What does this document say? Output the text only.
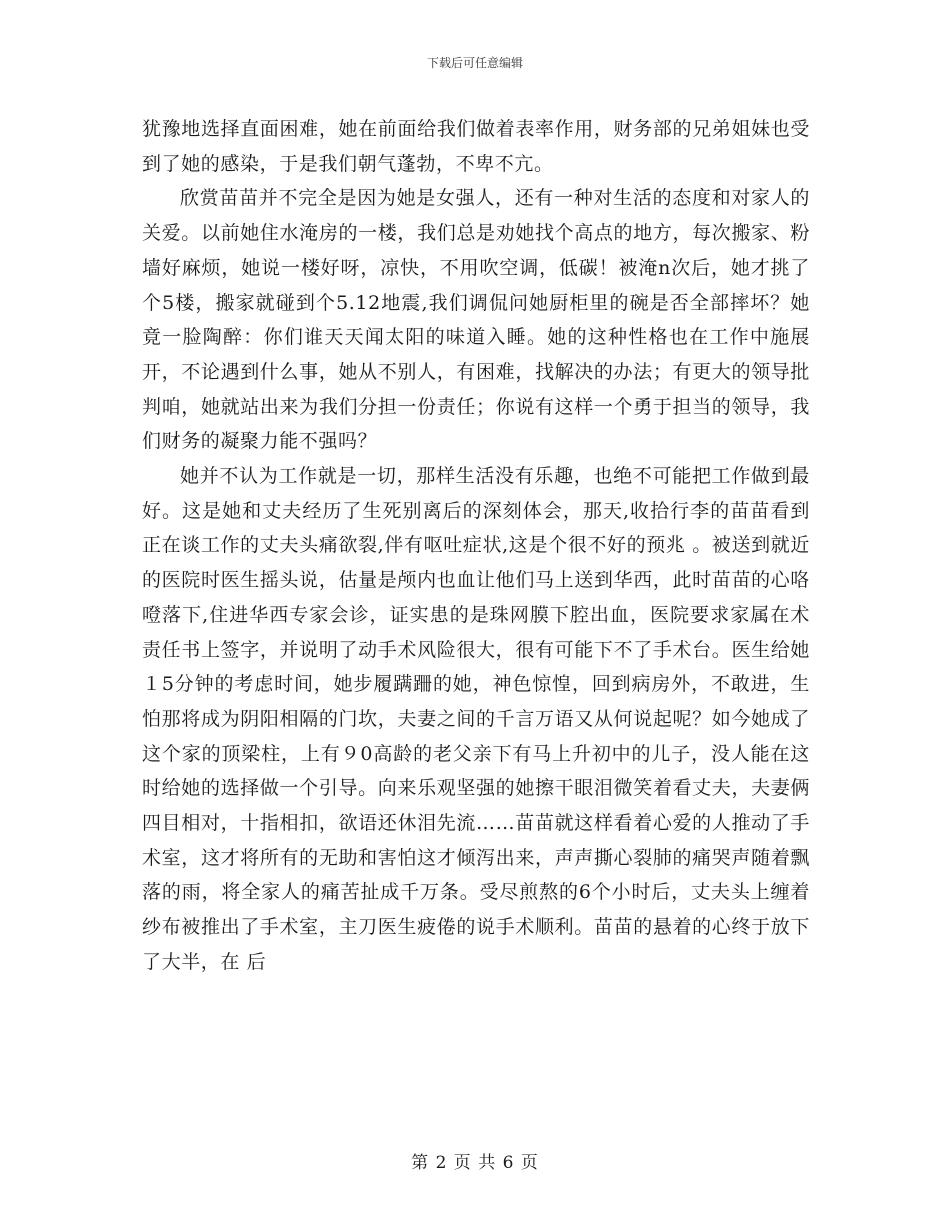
下载后可任意编辑

犹豫地选择直面困难，她在前面给我们做着表率作用，财务部的兄弟姐妹也受到了她的感染，于是我们朝气蓬勃，不卑不亢。

欣赏苗苗并不完全是因为她是女强人，还有一种对生活的态度和对家人的关爱。以前她住水淹房的一楼，我们总是劝她找个高点的地方，每次搬家、粉墙好麻烦，她说一楼好呀，凉快，不用吹空调，低碳！被淹n次后，她才挑了个5楼，搬家就碰到个5.12地震,我们调侃问她厨柜里的碗是否全部摔坏？她竟一脸陶醉：你们谁天天闻太阳的味道入睡。她的这种性格也在工作中施展开，不论遇到什么事，她从不别人，有困难，找解决的办法；有更大的领导批判咱，她就站出来为我们分担一份责任；你说有这样一个勇于担当的领导，我们财务的凝聚力能不强吗？

她并不认为工作就是一切，那样生活没有乐趣，也绝不可能把工作做到最好。这是她和丈夫经历了生死别离后的深刻体会，那天,收拾行李的苗苗看到正在谈工作的丈夫头痛欲裂,伴有呕吐症状,这是个很不好的预兆 。被送到就近的医院时医生摇头说，估量是颅内也血让他们马上送到华西，此时苗苗的心咯噔落下,住进华西专家会诊，证实患的是珠网膜下腔出血，医院要求家属在术责任书上签字，并说明了动手术风险很大，很有可能下不了手术台。医生给她１5分钟的考虑时间，她步履蹒跚的她，神色惊惶，回到病房外，不敢进，生怕那将成为阴阳相隔的门坎，夫妻之间的千言万语又从何说起呢？如今她成了这个家的顶梁柱，上有９0高龄的老父亲下有马上升初中的儿子，没人能在这时给她的选择做一个引导。向来乐观坚强的她擦干眼泪微笑着看丈夫，夫妻俩四目相对，十指相扣，欲语还休泪先流……苗苗就这样看着心爱的人推动了手术室，这才将所有的无助和害怕这才倾泻出来，声声撕心裂肺的痛哭声随着飘落的雨，将全家人的痛苦扯成千万条。受尽煎熬的6个小时后，丈夫头上缠着纱布被推出了手术室，主刀医生疲倦的说手术顺利。苗苗的悬着的心终于放下了大半，在 后

第 2 页 共 6 页
